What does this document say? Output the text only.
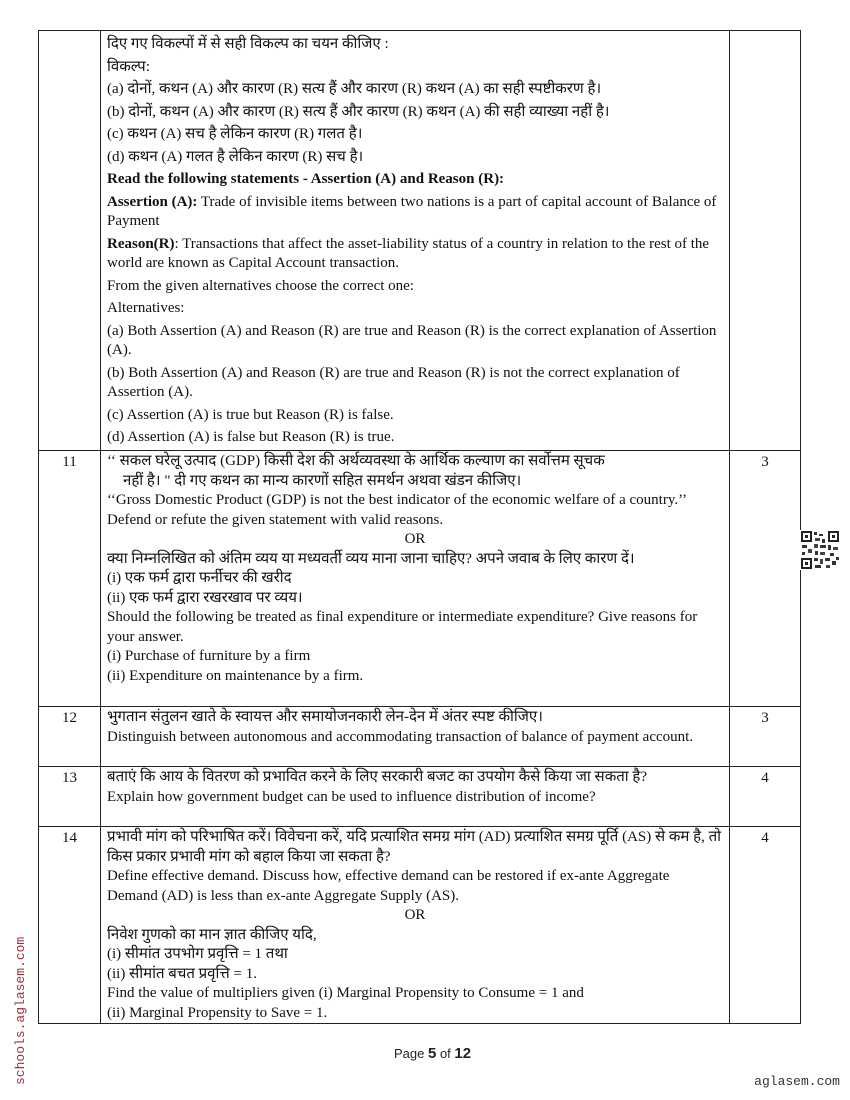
दिए गए विकल्पों में से सही विकल्प का चयन कीजिए :

विकल्प:

(a) दोनों, कथन (A) और कारण (R) सत्य हैं और कारण (R) कथन (A) का सही स्पष्टीकरण है।

(b) दोनों, कथन (A) और कारण (R) सत्य हैं और कारण (R) कथन (A) की सही व्याख्या नहीं है।

(c) कथन (A) सच है लेकिन कारण (R) गलत है।

(d) कथन (A) गलत है लेकिन कारण (R) सच है।

Read the following statements - Assertion (A) and Reason (R):

Assertion (A): Trade of invisible items between two nations is a part of capital account of Balance of Payment

Reason(R): Transactions that affect the asset-liability status of a country in relation to the rest of the world are known as Capital Account transaction.

From the given alternatives choose the correct one:

Alternatives:

(a) Both Assertion (A) and Reason (R) are true and Reason (R) is the correct explanation of Assertion (A).

(b) Both Assertion (A) and Reason (R) are true and Reason (R) is not the correct explanation of Assertion (A).

(c) Assertion (A) is true but Reason (R) is false.

(d) Assertion (A) is false but Reason (R) is true.

11	‘‘ सकल घरेलू उत्पाद (GDP) किसी देश की अर्थव्यवस्था के आर्थिक कल्याण का सर्वोत्तम सूचक

नहीं है। " दी गए कथन का मान्य कारणों सहित समर्थन अथवा खंडन कीजिए।

‘‘Gross Domestic Product (GDP) is not the best indicator of the economic welfare of a country.’’ Defend or refute the given statement with valid reasons.

OR

क्या निम्नलिखित को अंतिम व्यय या मध्यवर्ती व्यय माना जाना चाहिए? अपने जवाब के लिए कारण दें।

(i) एक फर्म द्वारा फर्नीचर की खरीद

(ii) एक फर्म द्वारा रखरखाव पर व्यय।

Should the following be treated as final expenditure or intermediate expenditure? Give reasons for your answer.

(i) Purchase of furniture by a firm

(ii) Expenditure on maintenance by a firm.

	3
12	भुगतान संतुलन खाते के स्वायत्त और समायोजनकारी लेन-देन में अंतर स्पष्ट कीजिए।

Distinguish between autonomous and accommodating transaction of balance of payment account.	3
13	बताएं कि आय के वितरण को प्रभावित करने के लिए सरकारी बजट का उपयोग कैसे किया जा सकता है?

Explain how government budget can be used to influence distribution of income?	4
14	प्रभावी मांग को परिभाषित करें। विवेचना करें, यदि प्रत्याशित समग्र मांग (AD) प्रत्याशित समग्र पूर्ति (AS) से कम है, तो किस प्रकार प्रभावी मांग को बहाल किया जा सकता है?

Define effective demand. Discuss how, effective demand can be restored if ex-ante Aggregate Demand (AD) is less than ex-ante Aggregate Supply (AS).

OR

निवेश गुणको का मान ज्ञात कीजिए यदि,

(i) सीमांत उपभोग प्रवृत्ति = 1 तथा

(ii) सीमांत बचत प्रवृत्ति = 1.

Find the value of multipliers given (i) Marginal Propensity to Consume = 1 and

(ii) Marginal Propensity to Save = 1.

	4
Page 5 of 12
schools.aglasem.com	aglasem.com
